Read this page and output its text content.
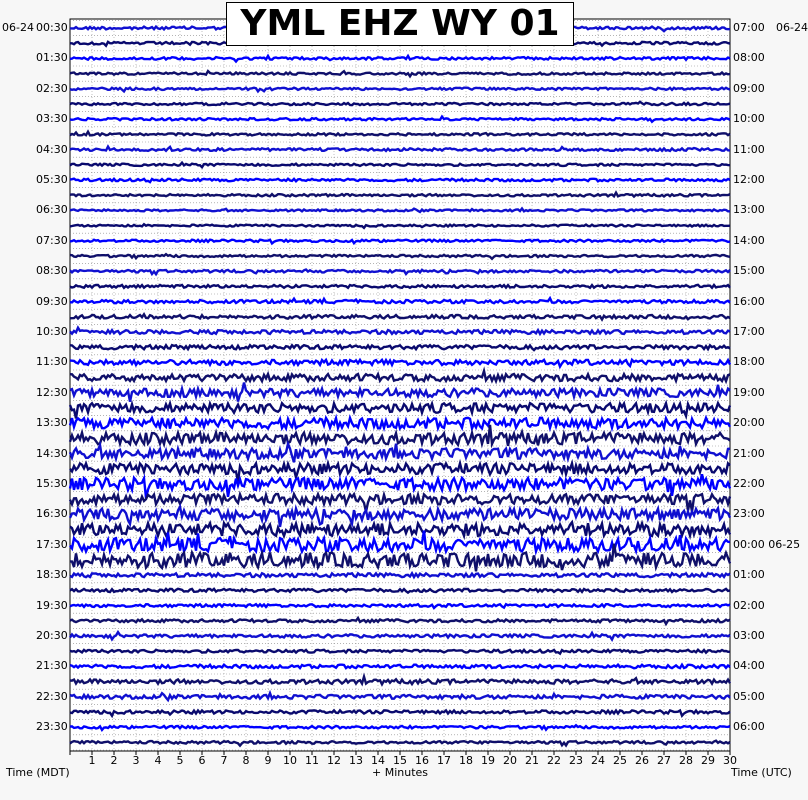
YML EHZ WY 01
06-24	06-24
00:30
01:30
02:30
03:30
04:30
05:30
06:30
07:30
08:30
09:30
10:30
11:30
12:30
13:30
14:30
15:30
16:30
17:30
18:30
19:30
20:30
21:30
22:30
23:30
07:00
08:00
09:00
10:00
11:00
12:00
13:00
14:00
15:00
16:00
17:00
18:00
19:00
20:00
21:00
22:00
23:00
00:00 06-25
01:00
02:00
03:00
04:00
05:00
06:00
1 2 3 4 5 6 7 8 9 10 11 12 13 14 15 16 17 18 19 20 21 22 23 24 25 26 27 28 29 30
Time (MDT)	+ Minutes	Time (UTC)
